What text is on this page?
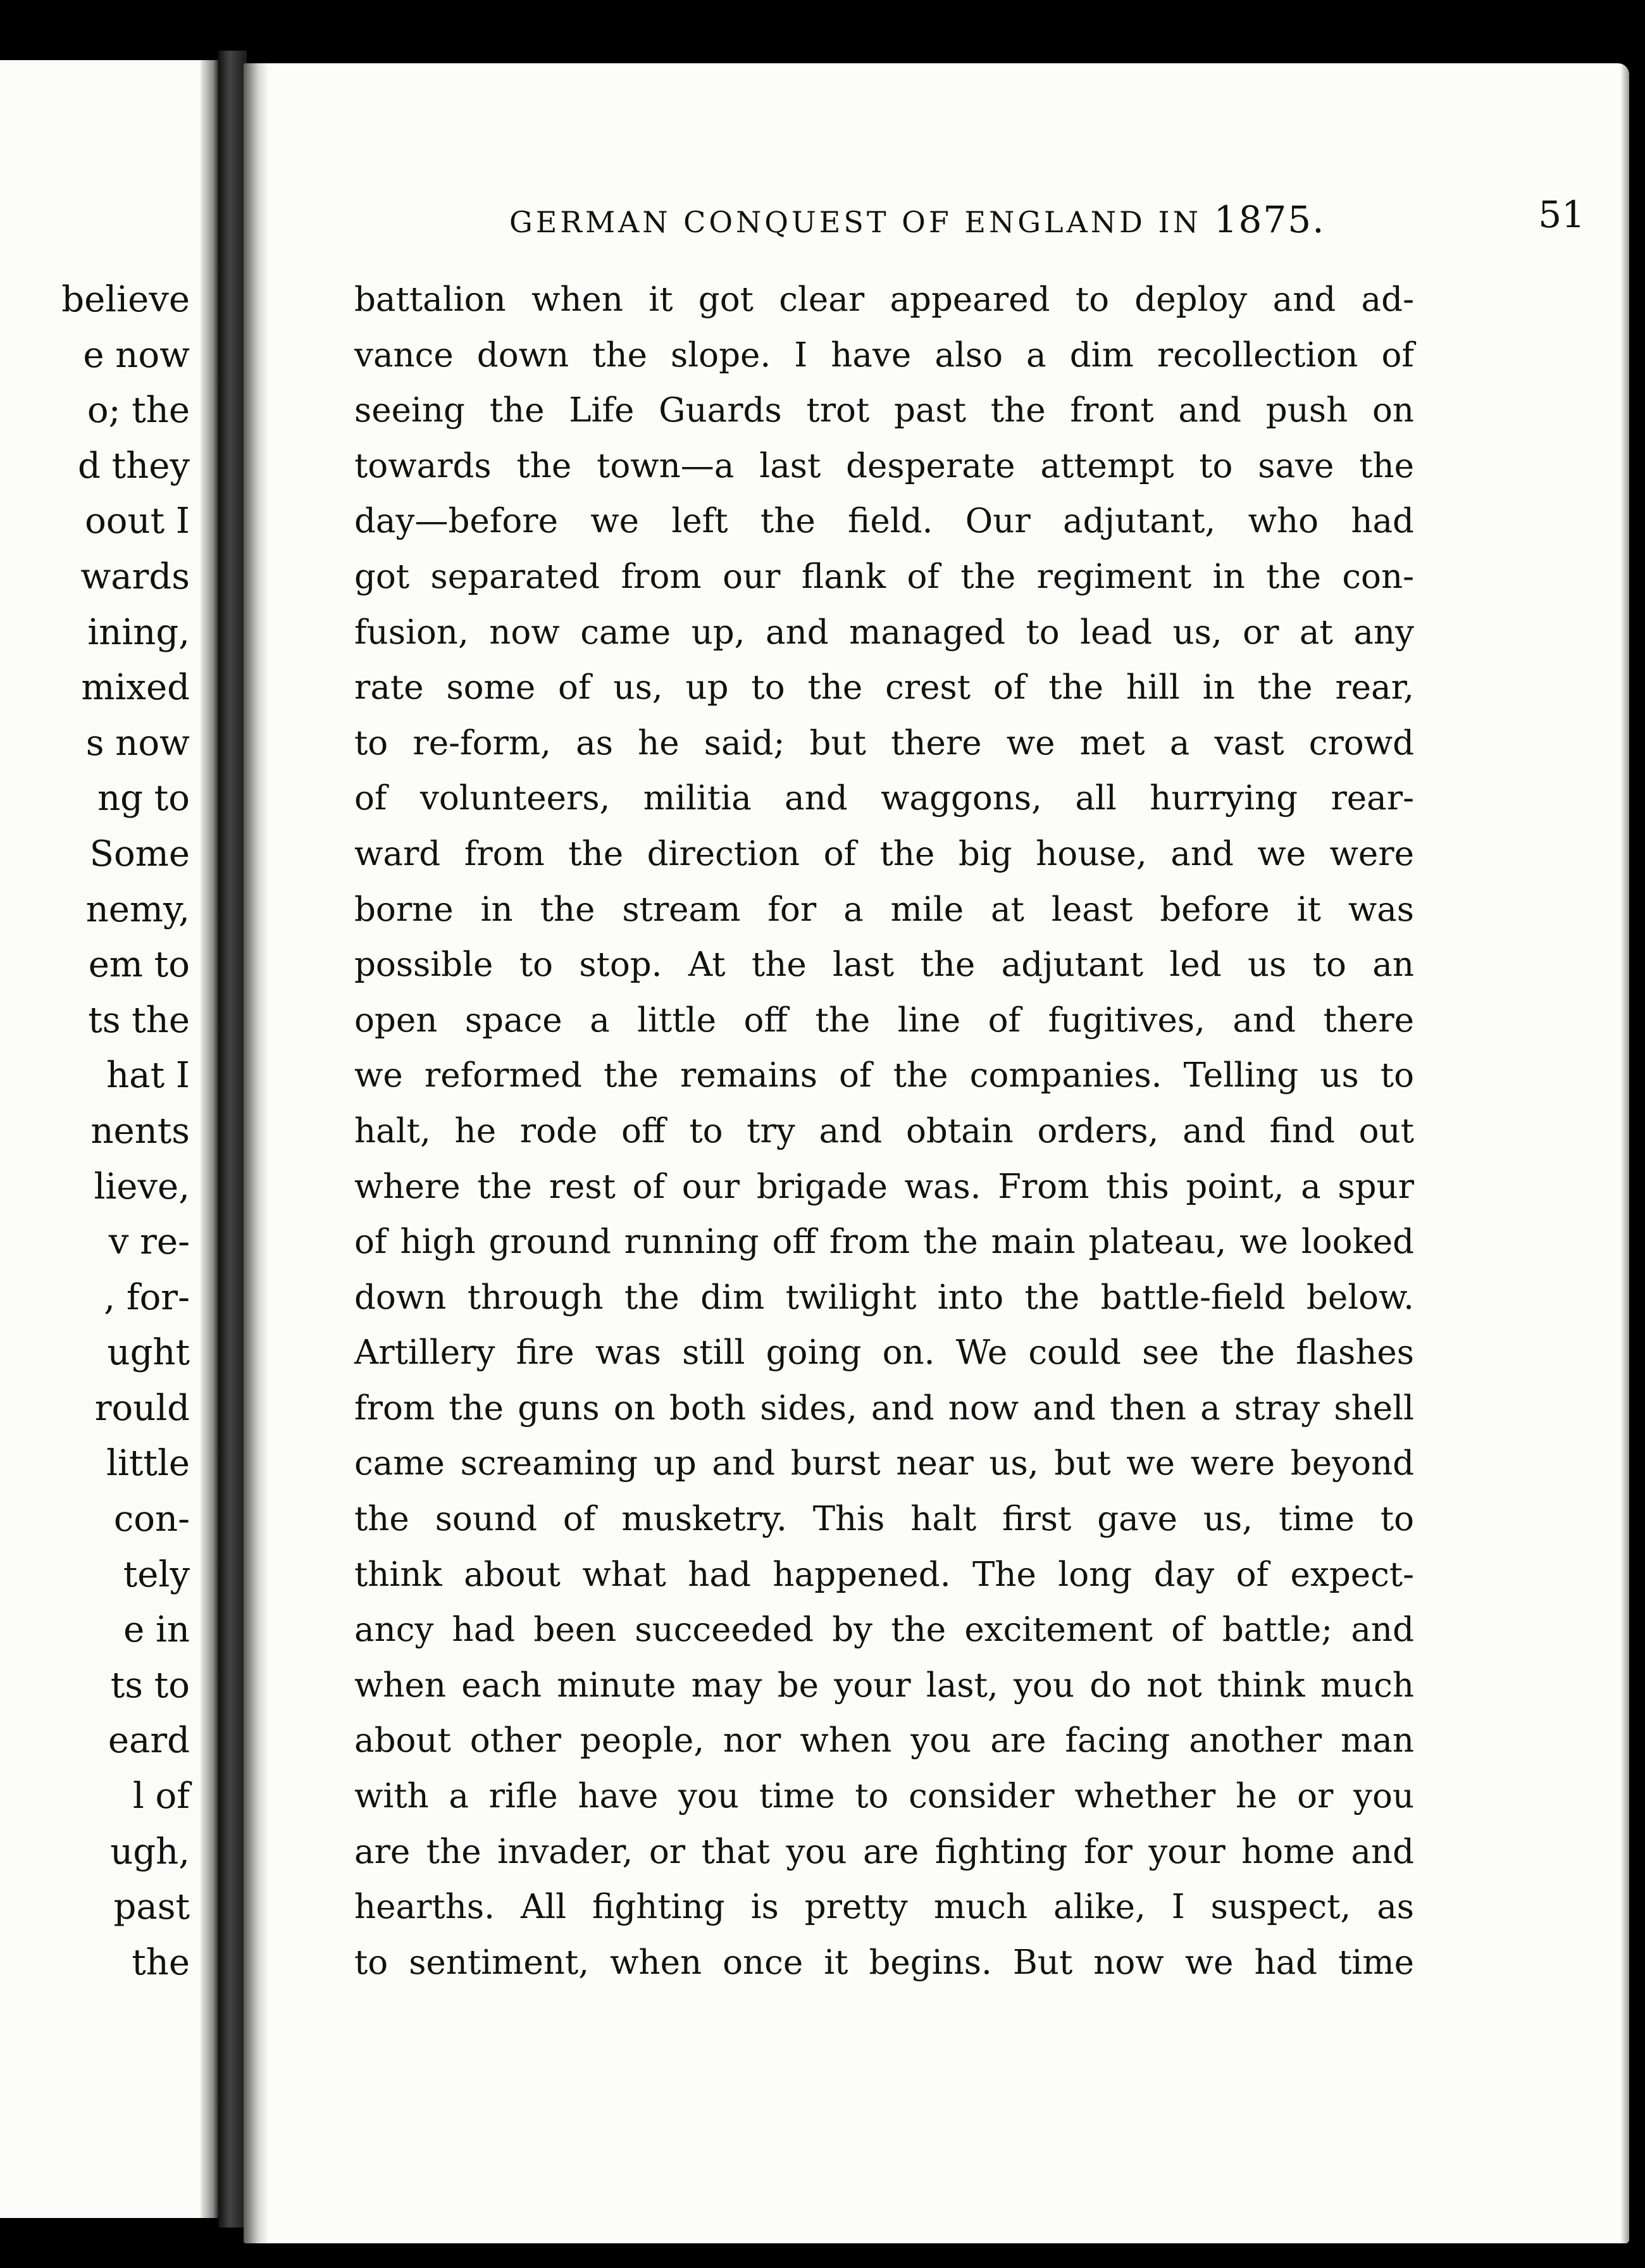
believe
e now
o; the
d they
oout I
wards
ining,
mixed
s now
ng to
Some
nemy,
em to
ts the
hat I
nents
lieve,
v re-
, for-
ught
rould
little
con-
tely
e in
ts to
eard
l of
ugh,
past
the
GERMAN CONQUEST OF ENGLAND IN 1875.	51
battalion when it got clear appeared to deploy and ad-
vance down the slope. I have also a dim recollection of
seeing the Life Guards trot past the front and push on
towards the town—a last desperate attempt to save the
day—before we left the field. Our adjutant, who had
got separated from our flank of the regiment in the con-
fusion, now came up, and managed to lead us, or at any
rate some of us, up to the crest of the hill in the rear,
to re-form, as he said; but there we met a vast crowd
of volunteers, militia and waggons, all hurrying rear-
ward from the direction of the big house, and we were
borne in the stream for a mile at least before it was
possible to stop. At the last the adjutant led us to an
open space a little off the line of fugitives, and there
we reformed the remains of the companies. Telling us to
halt, he rode off to try and obtain orders, and find out
where the rest of our brigade was. From this point, a spur
of high ground running off from the main plateau, we looked
down through the dim twilight into the battle-field below.
Artillery fire was still going on. We could see the flashes
from the guns on both sides, and now and then a stray shell
came screaming up and burst near us, but we were beyond
the sound of musketry. This halt first gave us, time to
think about what had happened. The long day of expect-
ancy had been succeeded by the excitement of battle; and
when each minute may be your last, you do not think much
about other people, nor when you are facing another man
with a rifle have you time to consider whether he or you
are the invader, or that you are fighting for your home and
hearths. All fighting is pretty much alike, I suspect, as
to sentiment, when once it begins. But now we had time
